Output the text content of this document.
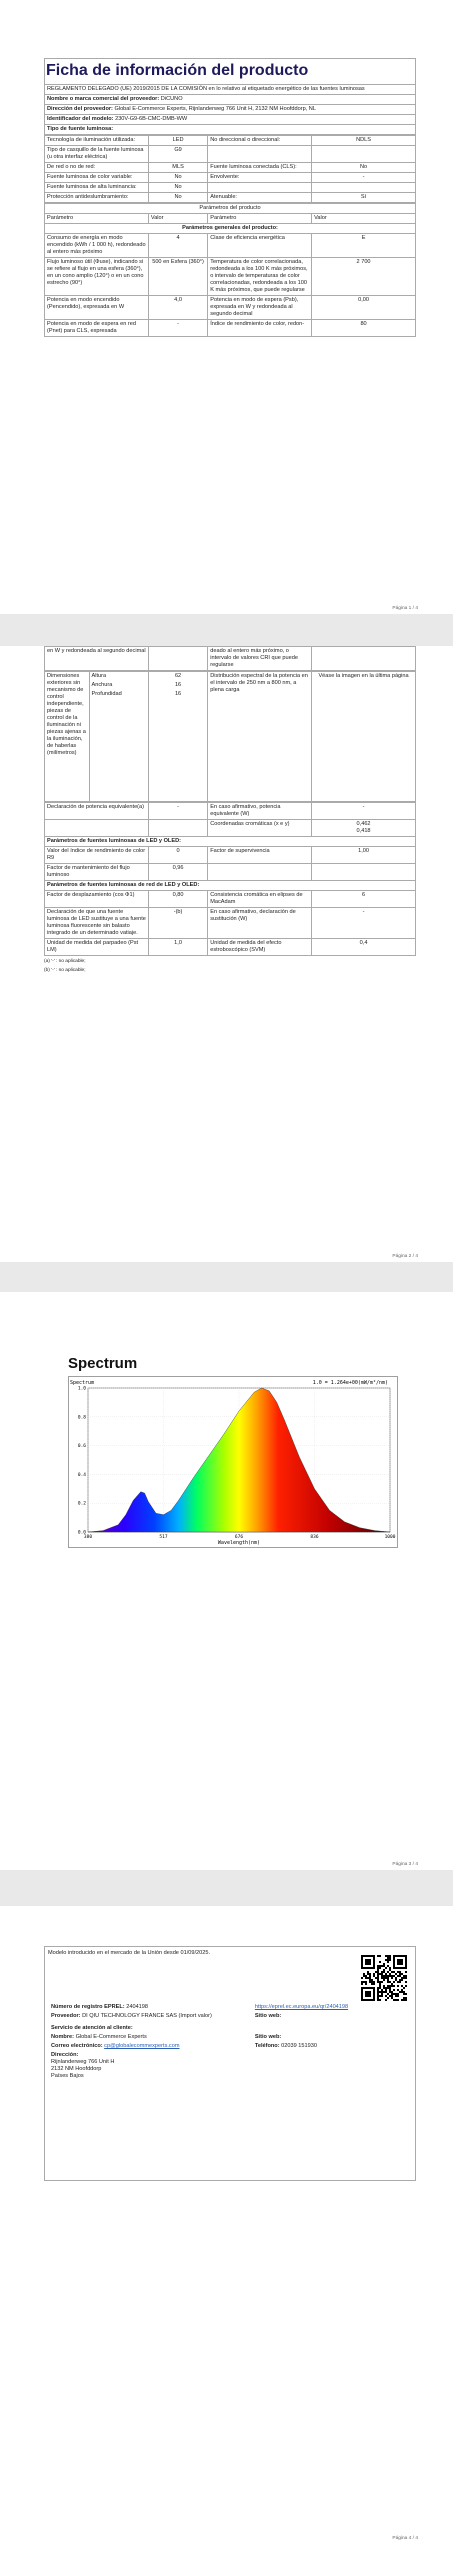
Ficha de información del producto
REGLAMENTO DELEGADO (UE) 2019/2015 DE LA COMISIÓN en lo relativo al etiquetado energético de las fuentes luminosas
Nombre o marca comercial del proveedor: DiCUNO
Dirección del proveedor: Global E-Commerce Experts, Rijnlanderweg 766 Unit H, 2132 NM Hoofddorp, NL
Identificador del modelo: 230V-G9-6B-CMC-DMB-WW
Tipo de fuente luminosa:
Tecnología de iluminación utilizada:	LED	No direccional o direccional:	NDLS
Tipo de casquillo de la fuente luminosa
(u otra interfaz eléctrica)	G9		
De red o no de red:	MLS	Fuente luminosa conectada (CLS):	No
Fuente luminosa de color variable:	No	Envolvente:	-
Fuente luminosa de alta luminancia:	No		
Protección antideslumbramiento:	No	Atenuable:	Sí
Parámetros del producto			
Parámetro	Valor	Parámetro	Valor
Parámetros generales del producto:			
Consumo de energía en modo encendido (kWh / 1 000 h), redondeado al entero más próximo	4	Clase de eficiencia energética	E
Flujo luminoso útil (Φuse), indicando si se refiere al flujo en una esfera (360°), en un cono amplio (120°) o en un cono estrecho (90°)	500 en Esfera (360°)	Temperatura de color correlacionada, redondeada a los 100 K más próximos, o intervalo de temperaturas de color correlacionadas, redondeada a los 100 K más próximos, que puede regularse	2 700
Potencia en modo encendido (Pencendido), expresada en W	4,0	Potencia en modo de espera (Psb), expresada en W y redondeada al segundo decimal	0,00
Potencia en modo de espera en red (Pnet) para CLS, expresada	-	Índice de rendimiento de color, redon-	80
Página 1 / 4
en W y redondeada al segundo decimal		deado al entero más próximo, o intervalo de valores CRI que puede regularse	
Dimensiones exteriores sin mecanismo de control independiente, piezas de control de la iluminación ni piezas ajenas a la iluminación, de haberlas (milímetros)	Altura	62	Distribución espectral de la potencia en el intervalo de 250 nm a 800 nm, a plena carga	Véase la imagen en la última página
	Anchura	16		
	Profundidad	16		
Declaración de potencia equivalente(a)	-	En caso afirmativo, potencia equivalente (W)	-
		Coordenadas cromáticas (x e y)	0,462
0,418
Parámetros de fuentes luminosas de LED y OLED:			
Valor del índice de rendimiento de color R9	0	Factor de supervivencia	1,00
Factor de mantenimiento del flujo luminoso	0,96		
Parámetros de fuentes luminosas de red de LED y OLED:			
Factor de desplazamiento (cos Φ1)	0,80	Consistencia cromática en elipses de MacAdam	6
Declaración de que una fuente luminosa de LED sustituye a una fuente luminosa fluorescente sin balasto integrado de un determinado vatiaje.	-(b)	En caso afirmativo, declaración de sustitución (W)	-
Unidad de medida del parpadeo (Pst LM)	1,0	Unidad de medida del efecto estroboscópico (SVM)	0,4
(a) '-' : no aplicable;
(b) '-' : no aplicable;
Página 2 / 4
Spectrum
0.0
0.2
0.4
0.6
0.8
1.0
380	517	676	836	1000
Spectrum	1.0 = 1.264e+00(mW/m²/nm)
Wavelength(nm)
Página 3 / 4
Modelo introducido en el mercado de la Unión desde 01/09/2025.
Número de registro EPREL: 2404198	https://eprel.ec.europa.eu/qr/2404198
Proveedor: DI QIU TECHNOLOGY FRANCE SAS (Import valor)	Sitio web:
Servicio de atención al cliente:	
Nombre: Global E-Commerce Experts	Sitio web:
Correo electrónico: cp@globalecommexperts.com	Teléfono: 02039 151930

Dirección:
Rijnlanderweg 766 Unit H
2132 NM Hoofddorp
Países Bajos	
Página 4 / 4
